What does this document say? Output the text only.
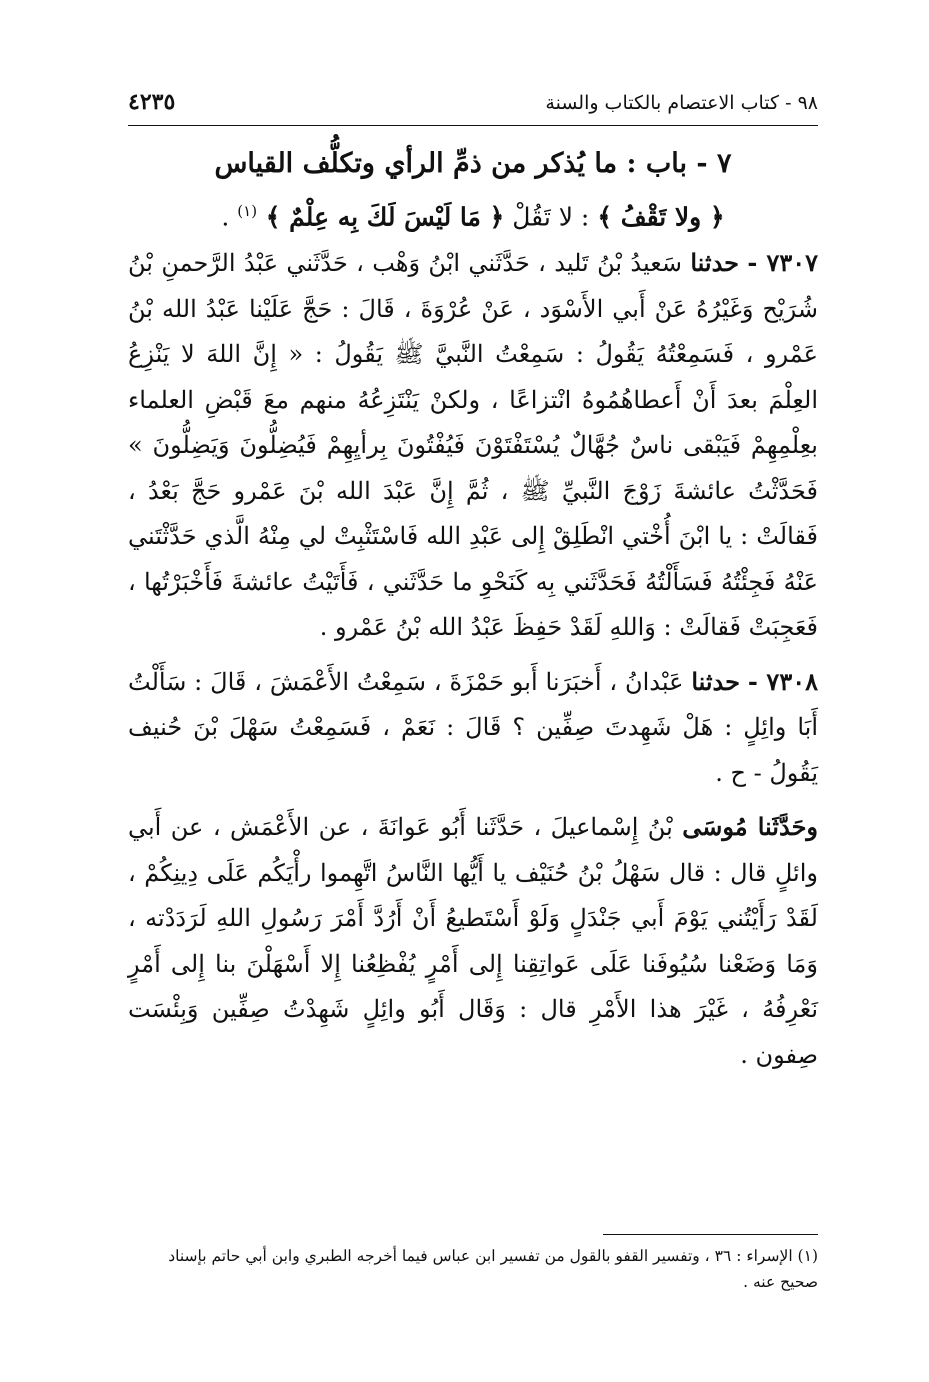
٩٨ - كتاب الاعتصام بالكتاب والسنة
٤٢٣٥
٧ - باب : ما يُذكر من ذمِّ الرأي وتكلُّف القياس
﴿ ولا تَقْفُ ﴾ : لا تَقُلْ ﴿ مَا لَيْسَ لَكَ بِه عِلْمٌ ﴾ $^{(١)}$ .

٧٣٠٧ - حدثنا سَعيدُ بْنُ تَليد ، حَدَّثَني ابْنُ وَهْب ، حَدَّثَني عَبْدُ الرَّحمنِ بْنُ شُرَيْح وَغَيْرُهُ عَنْ أَبي الأَسْوَد ، عَنْ عُرْوَةَ ، قَالَ : حَجَّ عَلَيْنا عَبْدُ الله بْنُ عَمْرو ، فَسَمِعْتُهُ يَقُولُ : سَمِعْتُ النَّبيَّ ﷺ يَقُولُ : « إِنَّ اللهَ لا يَنْزِعُ العِلْمَ بعدَ أَنْ أَعطاهُمُوهُ انْتزاعًا ، ولكنْ يَنْتَزِعُهُ منهم معَ قَبْضِ العلماء بعِلْمِهِمْ فَيَبْقى ناسٌ جُهَّالٌ يُسْتَفْتَوْنَ فَيُفْتُونَ بِرأيِهِمْ فَيُضِلُّونَ وَيَضِلُّونَ » فَحَدَّثْتُ عائشةَ زَوْجَ النَّبيِّ ﷺ ، ثُمَّ إِنَّ عَبْدَ الله بْنَ عَمْرو حَجَّ بَعْدُ ، فَقالَتْ : يا ابْنَ أُخْتي انْطَلِقْ إِلى عَبْدِ الله فَاسْتَثْبِتْ لي مِنْهُ الَّذي حَدَّثْتَني عَنْهُ فَجِئْتُهُ فَسَأَلْتُهُ فَحَدَّثَني بِه كَنَحْوِ ما حَدَّثَني ، فَأَتَيْتُ عائشةَ فَأَخْبَرْتُها ، فَعَجِبَتْ فَقالَتْ : وَاللهِ لَقَدْ حَفِظَ عَبْدُ الله بْنُ عَمْرو .

٧٣٠٨ - حدثنا عَبْدانُ ، أَخبَرَنا أَبو حَمْزَةَ ، سَمِعْتُ الأَعْمَشَ ، قَالَ : سَأَلْتُ أَبَا وائِلٍ : هَلْ شَهِدتَ صِفِّين ؟ قَالَ : نَعَمْ ، فَسَمِعْتُ سَهْلَ بْنَ حُنيف يَقُولُ - ح .

وحَدَّثَنا مُوسَى بْنُ إِسْماعيلَ ، حَدَّثَنا أَبُو عَوانَةَ ، عن الأَعْمَش ، عن أَبي وائلٍ قال : قال سَهْلُ بْنُ حُنَيْف يا أَيُّها النَّاسُ اتَّهِموا رأْيَكُم عَلَى دِينِكُمْ ، لَقَدْ رَأَيْتُني يَوْمَ أَبي جَنْدَلٍ وَلَوْ أَسْتَطيعُ أَنْ أَرُدَّ أَمْرَ رَسُولِ اللهِ لَرَدَدْته ، وَمَا وَضَعْنا سُيُوفَنا عَلَى عَواتِقِنا إِلى أَمْرٍ يُفْظِعُنا إِلا أَسْهَلْنَ بنا إِلى أَمْرٍ نَعْرِفُهُ ، غَيْرَ هذا الأَمْرِ قال : وَقَال أَبُو وائِلٍ شَهِدْتُ صِفِّين وَبِئْسَت صِفون .

(١) الإسراء : ٣٦ ، وتفسير القفو بالقول من تفسير ابن عباس فيما أخرجه الطبري وابن أبي حاتم بإسناد صحيح عنه .
